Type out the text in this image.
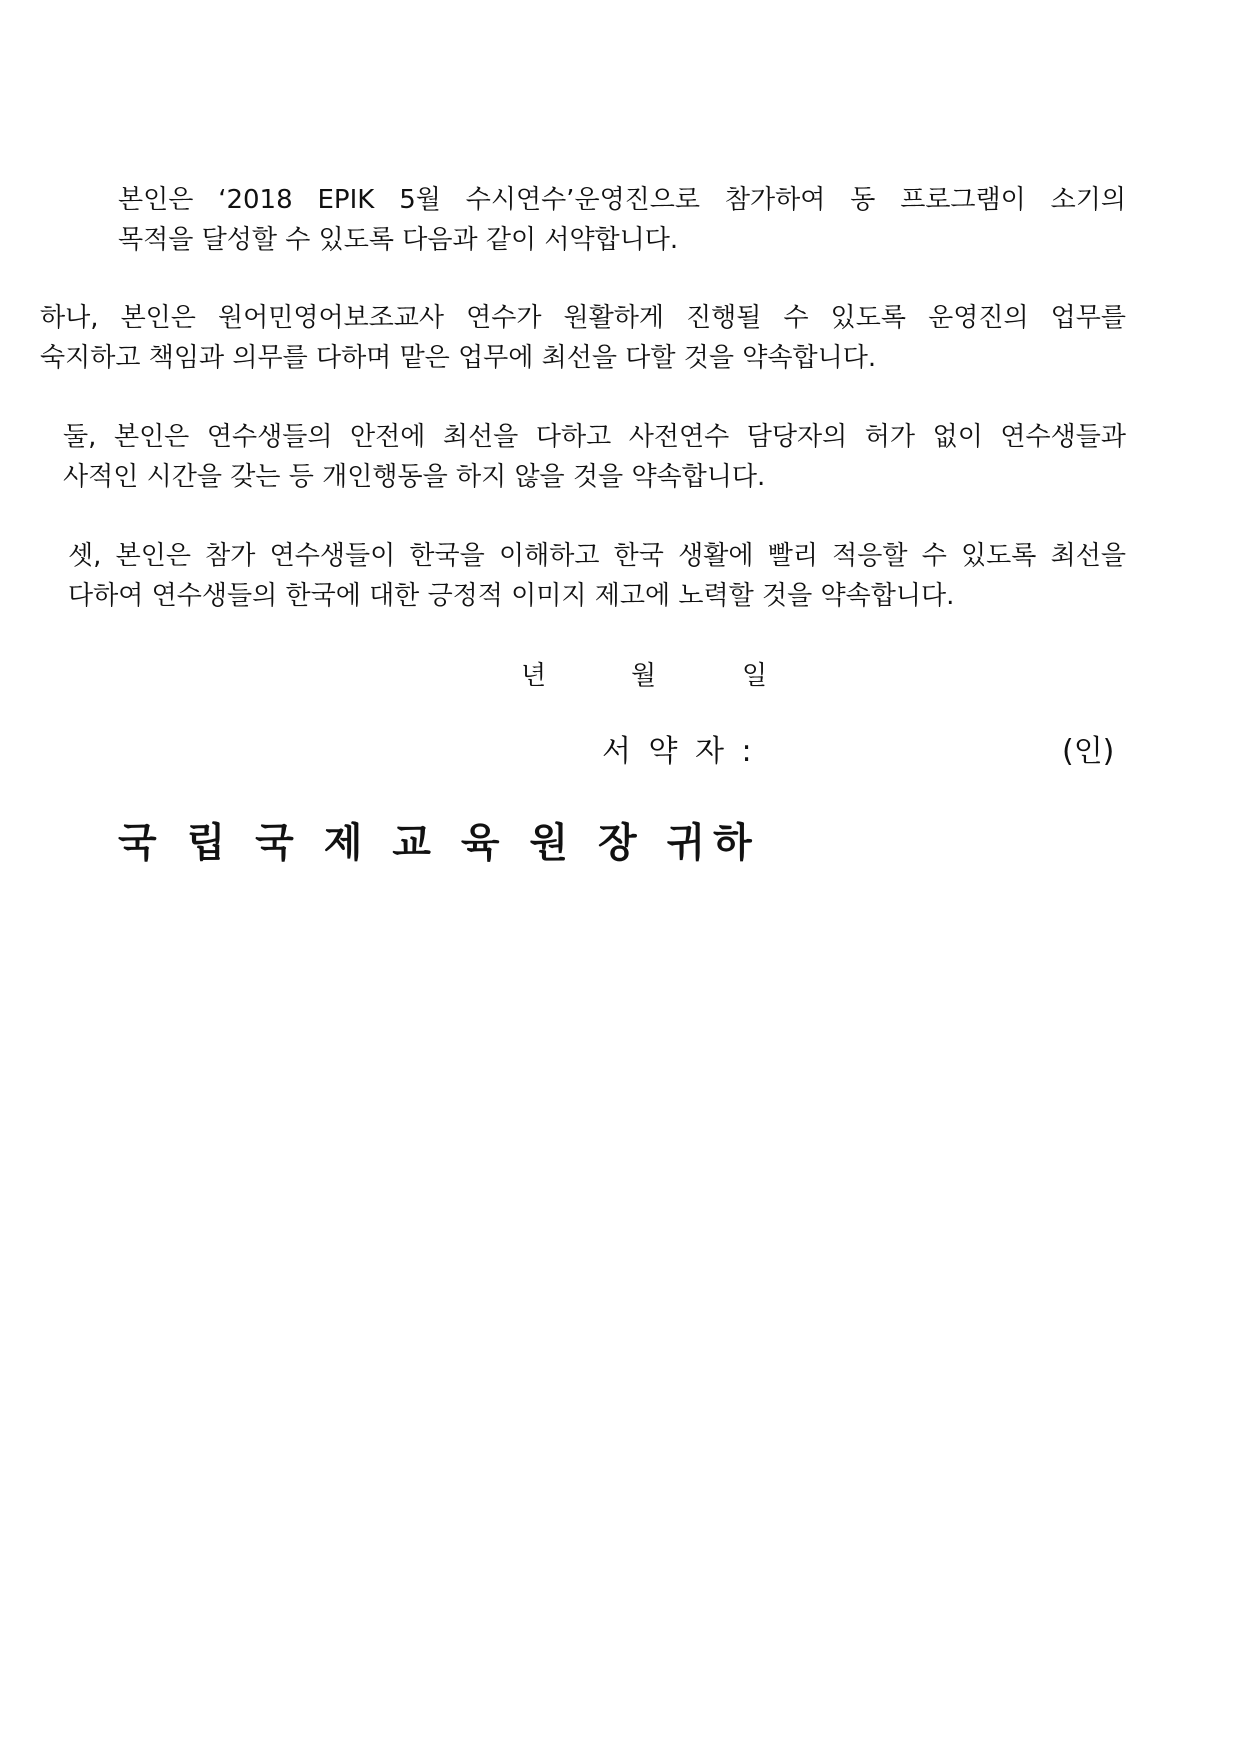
본인은 ‘2018 EPIK 5월 수시연수’운영진으로 참가하여 동 프로그램이 소기의
목적을 달성할 수 있도록 다음과 같이 서약합니다.
하나, 본인은 원어민영어보조교사 연수가 원활하게 진행될 수 있도록 운영진의 업무를
숙지하고 책임과 의무를 다하며 맡은 업무에 최선을 다할 것을 약속합니다.
둘, 본인은 연수생들의 안전에 최선을 다하고 사전연수 담당자의 허가 없이 연수생들과
사적인 시간을 갖는 등 개인행동을 하지 않을 것을 약속합니다.
셋, 본인은 참가 연수생들이 한국을 이해하고 한국 생활에 빨리 적응할 수 있도록 최선을
다하여 연수생들의 한국에 대한 긍정적 이미지 제고에 노력할 것을 약속합니다.
년	월	일
서 약 자 :	(인)
국 립 국 제 교 육 원 장 귀하
